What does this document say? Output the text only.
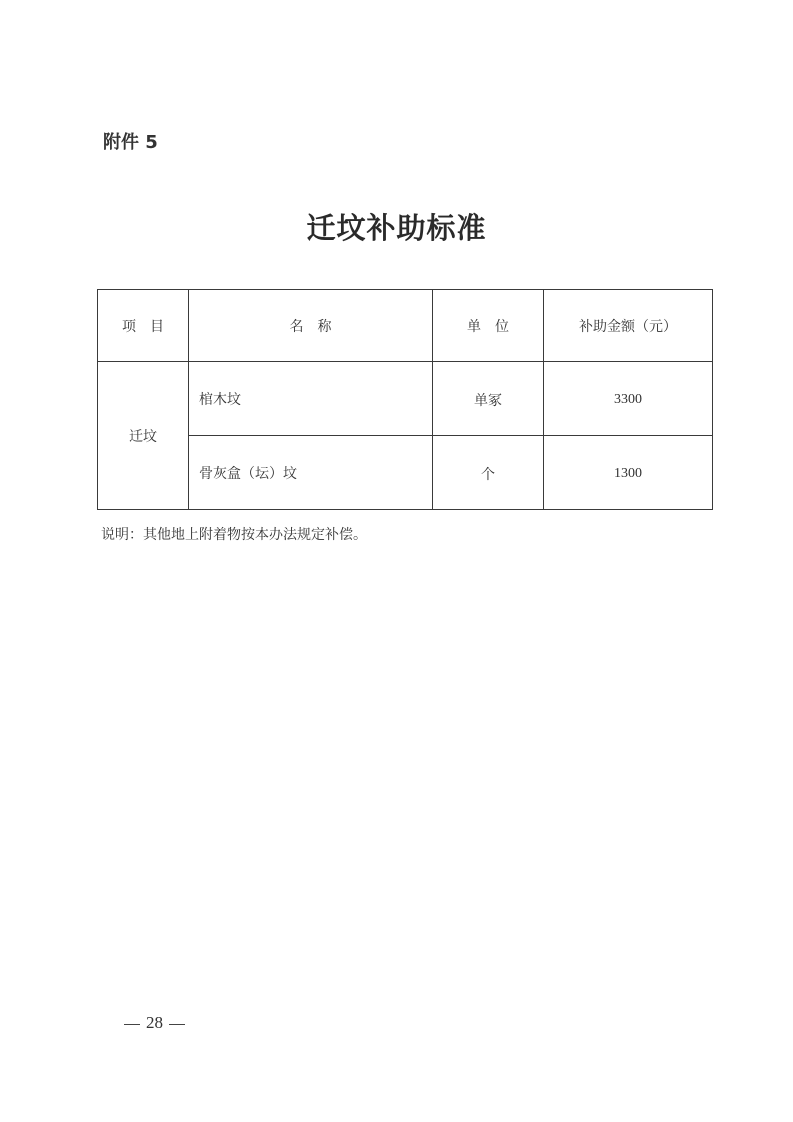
附件 5
迁坟补助标准
项　目	名　称	单　位	补助金额（元）
迁坟	棺木坟	单冢	3300
	骨灰盒（坛）坟	个	1300
说明：其他地上附着物按本办法规定补偿。
28
